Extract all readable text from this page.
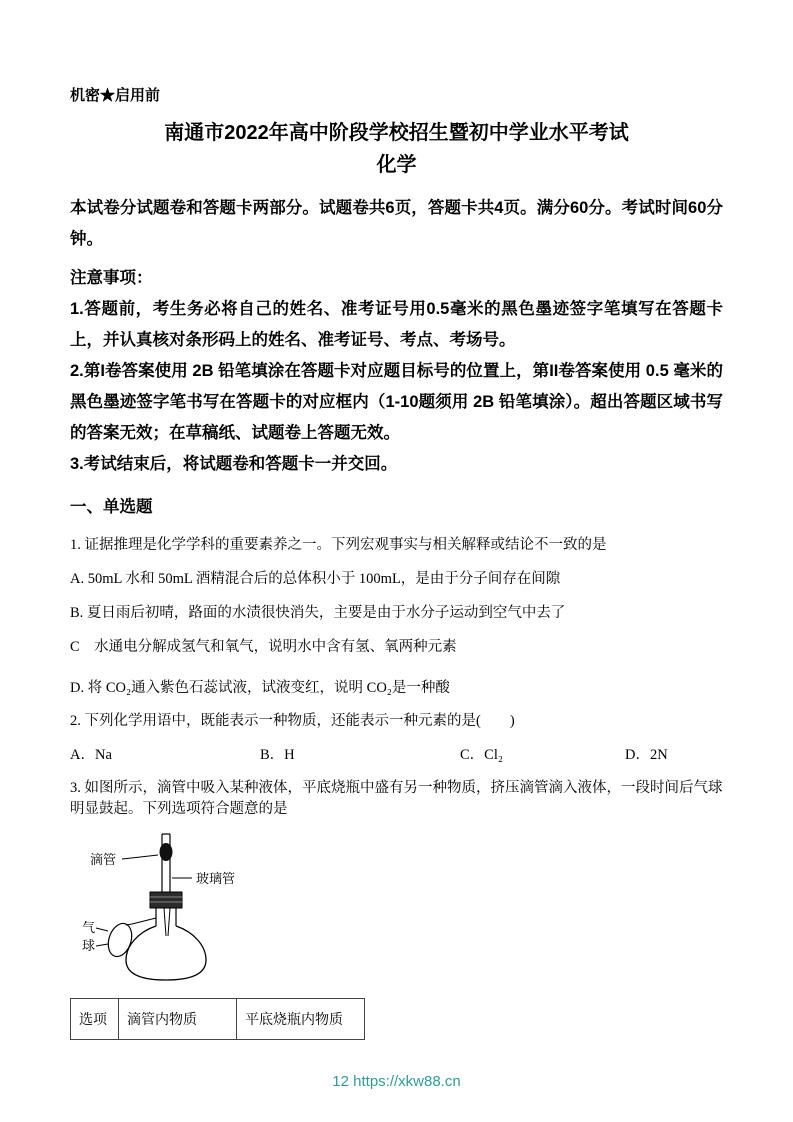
机密★启用前
南通市2022年高中阶段学校招生暨初中学业水平考试
化学

本试卷分试题卷和答题卡两部分。试题卷共6页，答题卡共4页。满分60分。考试时间60分钟。

注意事项：

1.答题前，考生务必将自己的姓名、准考证号用0.5毫米的黑色墨迹签字笔填写在答题卡上，并认真核对条形码上的姓名、准考证号、考点、考场号。

2.第I卷答案使用 2B 铅笔填涂在答题卡对应题目标号的位置上，第II卷答案使用 0.5 毫米的黑色墨迹签字笔书写在答题卡的对应框内（1-10题须用 2B 铅笔填涂）。超出答题区域书写的答案无效；在草稿纸、试题卷上答题无效。

3.考试结束后，将试题卷和答题卡一并交回。

一、单选题

1. 证据推理是化学学科的重要素养之一。下列宏观事实与相关解释或结论不一致的是

A. 50mL 水和 50mL 酒精混合后的总体积小于 100mL，是由于分子间存在间隙

B. 夏日雨后初晴，路面的水渍很快消失，主要是由于水分子运动到空气中去了

C　水通电分解成氢气和氧气，说明水中含有氢、氧两种元素

D. 将 CO₂通入紫色石蕊试液，试液变红，说明 CO₂是一种酸

2. 下列化学用语中，既能表示一种物质，还能表示一种元素的是(　　)

A．Na	B．H	C．Cl₂	D．2N

3. 如图所示，滴管中吸入某种液体，平底烧瓶中盛有另一种物质，挤压滴管滴入液体，一段时间后气球明显鼓起。下列选项符合题意的是

滴管
玻璃管
气
球
选项	滴管内物质	平底烧瓶内物质
12 https://xkw88.cn
